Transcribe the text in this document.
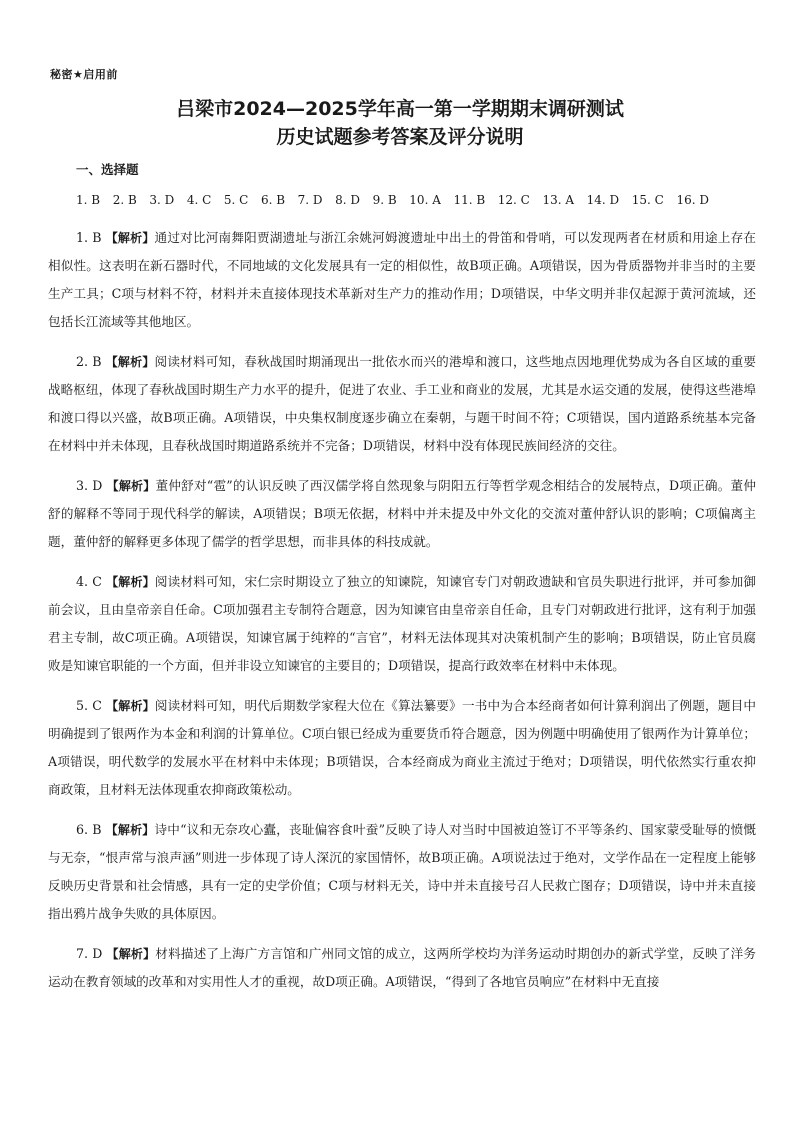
秘密★启用前
吕梁市2024—2025学年高一第一学期期末调研测试
历史试题参考答案及评分说明
一、选择题
1. B 2. B 3. D 4. C 5. C 6. B 7. D 8. D 9. B 10. A 11. B 12. C 13. A 14. D 15. C 16. D

1. B 【解析】通过对比河南舞阳贾湖遗址与浙江余姚河姆渡遗址中出土的骨笛和骨哨，可以发现两者在材质和用途上存在相似性。这表明在新石器时代，不同地域的文化发展具有一定的相似性，故B项正确。A项错误，因为骨质器物并非当时的主要生产工具；C项与材料不符，材料并未直接体现技术革新对生产力的推动作用；D项错误，中华文明并非仅起源于黄河流域，还包括长江流域等其他地区。

2. B 【解析】阅读材料可知，春秋战国时期涌现出一批依水而兴的港埠和渡口，这些地点因地理优势成为各自区域的重要战略枢纽，体现了春秋战国时期生产力水平的提升，促进了农业、手工业和商业的发展，尤其是水运交通的发展，使得这些港埠和渡口得以兴盛，故B项正确。A项错误，中央集权制度逐步确立在秦朝，与题干时间不符；C项错误，国内道路系统基本完备在材料中并未体现，且春秋战国时期道路系统并不完备；D项错误，材料中没有体现民族间经济的交往。

3. D 【解析】董仲舒对“雹”的认识反映了西汉儒学将自然现象与阴阳五行等哲学观念相结合的发展特点，D项正确。董仲舒的解释不等同于现代科学的解读，A项错误；B项无依据，材料中并未提及中外文化的交流对董仲舒认识的影响；C项偏离主题，董仲舒的解释更多体现了儒学的哲学思想，而非具体的科技成就。

4. C 【解析】阅读材料可知，宋仁宗时期设立了独立的知谏院，知谏官专门对朝政遗缺和官员失职进行批评，并可参加御前会议，且由皇帝亲自任命。C项加强君主专制符合题意，因为知谏官由皇帝亲自任命，且专门对朝政进行批评，这有利于加强君主专制，故C项正确。A项错误，知谏官属于纯粹的“言官”，材料无法体现其对决策机制产生的影响；B项错误，防止官员腐败是知谏官职能的一个方面，但并非设立知谏官的主要目的；D项错误，提高行政效率在材料中未体现。

5. C 【解析】阅读材料可知，明代后期数学家程大位在《算法纂要》一书中为合本经商者如何计算利润出了例题，题目中明确提到了银两作为本金和利润的计算单位。C项白银已经成为重要货币符合题意，因为例题中明确使用了银两作为计算单位；A项错误，明代数学的发展水平在材料中未体现；B项错误，合本经商成为商业主流过于绝对；D项错误，明代依然实行重农抑商政策，且材料无法体现重农抑商政策松动。

6. B 【解析】诗中“议和无奈攻心蠹，丧耻偏容食叶蚕”反映了诗人对当时中国被迫签订不平等条约、国家蒙受耻辱的愤慨与无奈，“恨声常与浪声涵”则进一步体现了诗人深沉的家国情怀，故B项正确。A项说法过于绝对，文学作品在一定程度上能够反映历史背景和社会情感，具有一定的史学价值；C项与材料无关，诗中并未直接号召人民救亡图存；D项错误，诗中并未直接指出鸦片战争失败的具体原因。

7. D 【解析】材料描述了上海广方言馆和广州同文馆的成立，这两所学校均为洋务运动时期创办的新式学堂，反映了洋务运动在教育领域的改革和对实用性人才的重视，故D项正确。A项错误，“得到了各地官员响应”在材料中无直接
